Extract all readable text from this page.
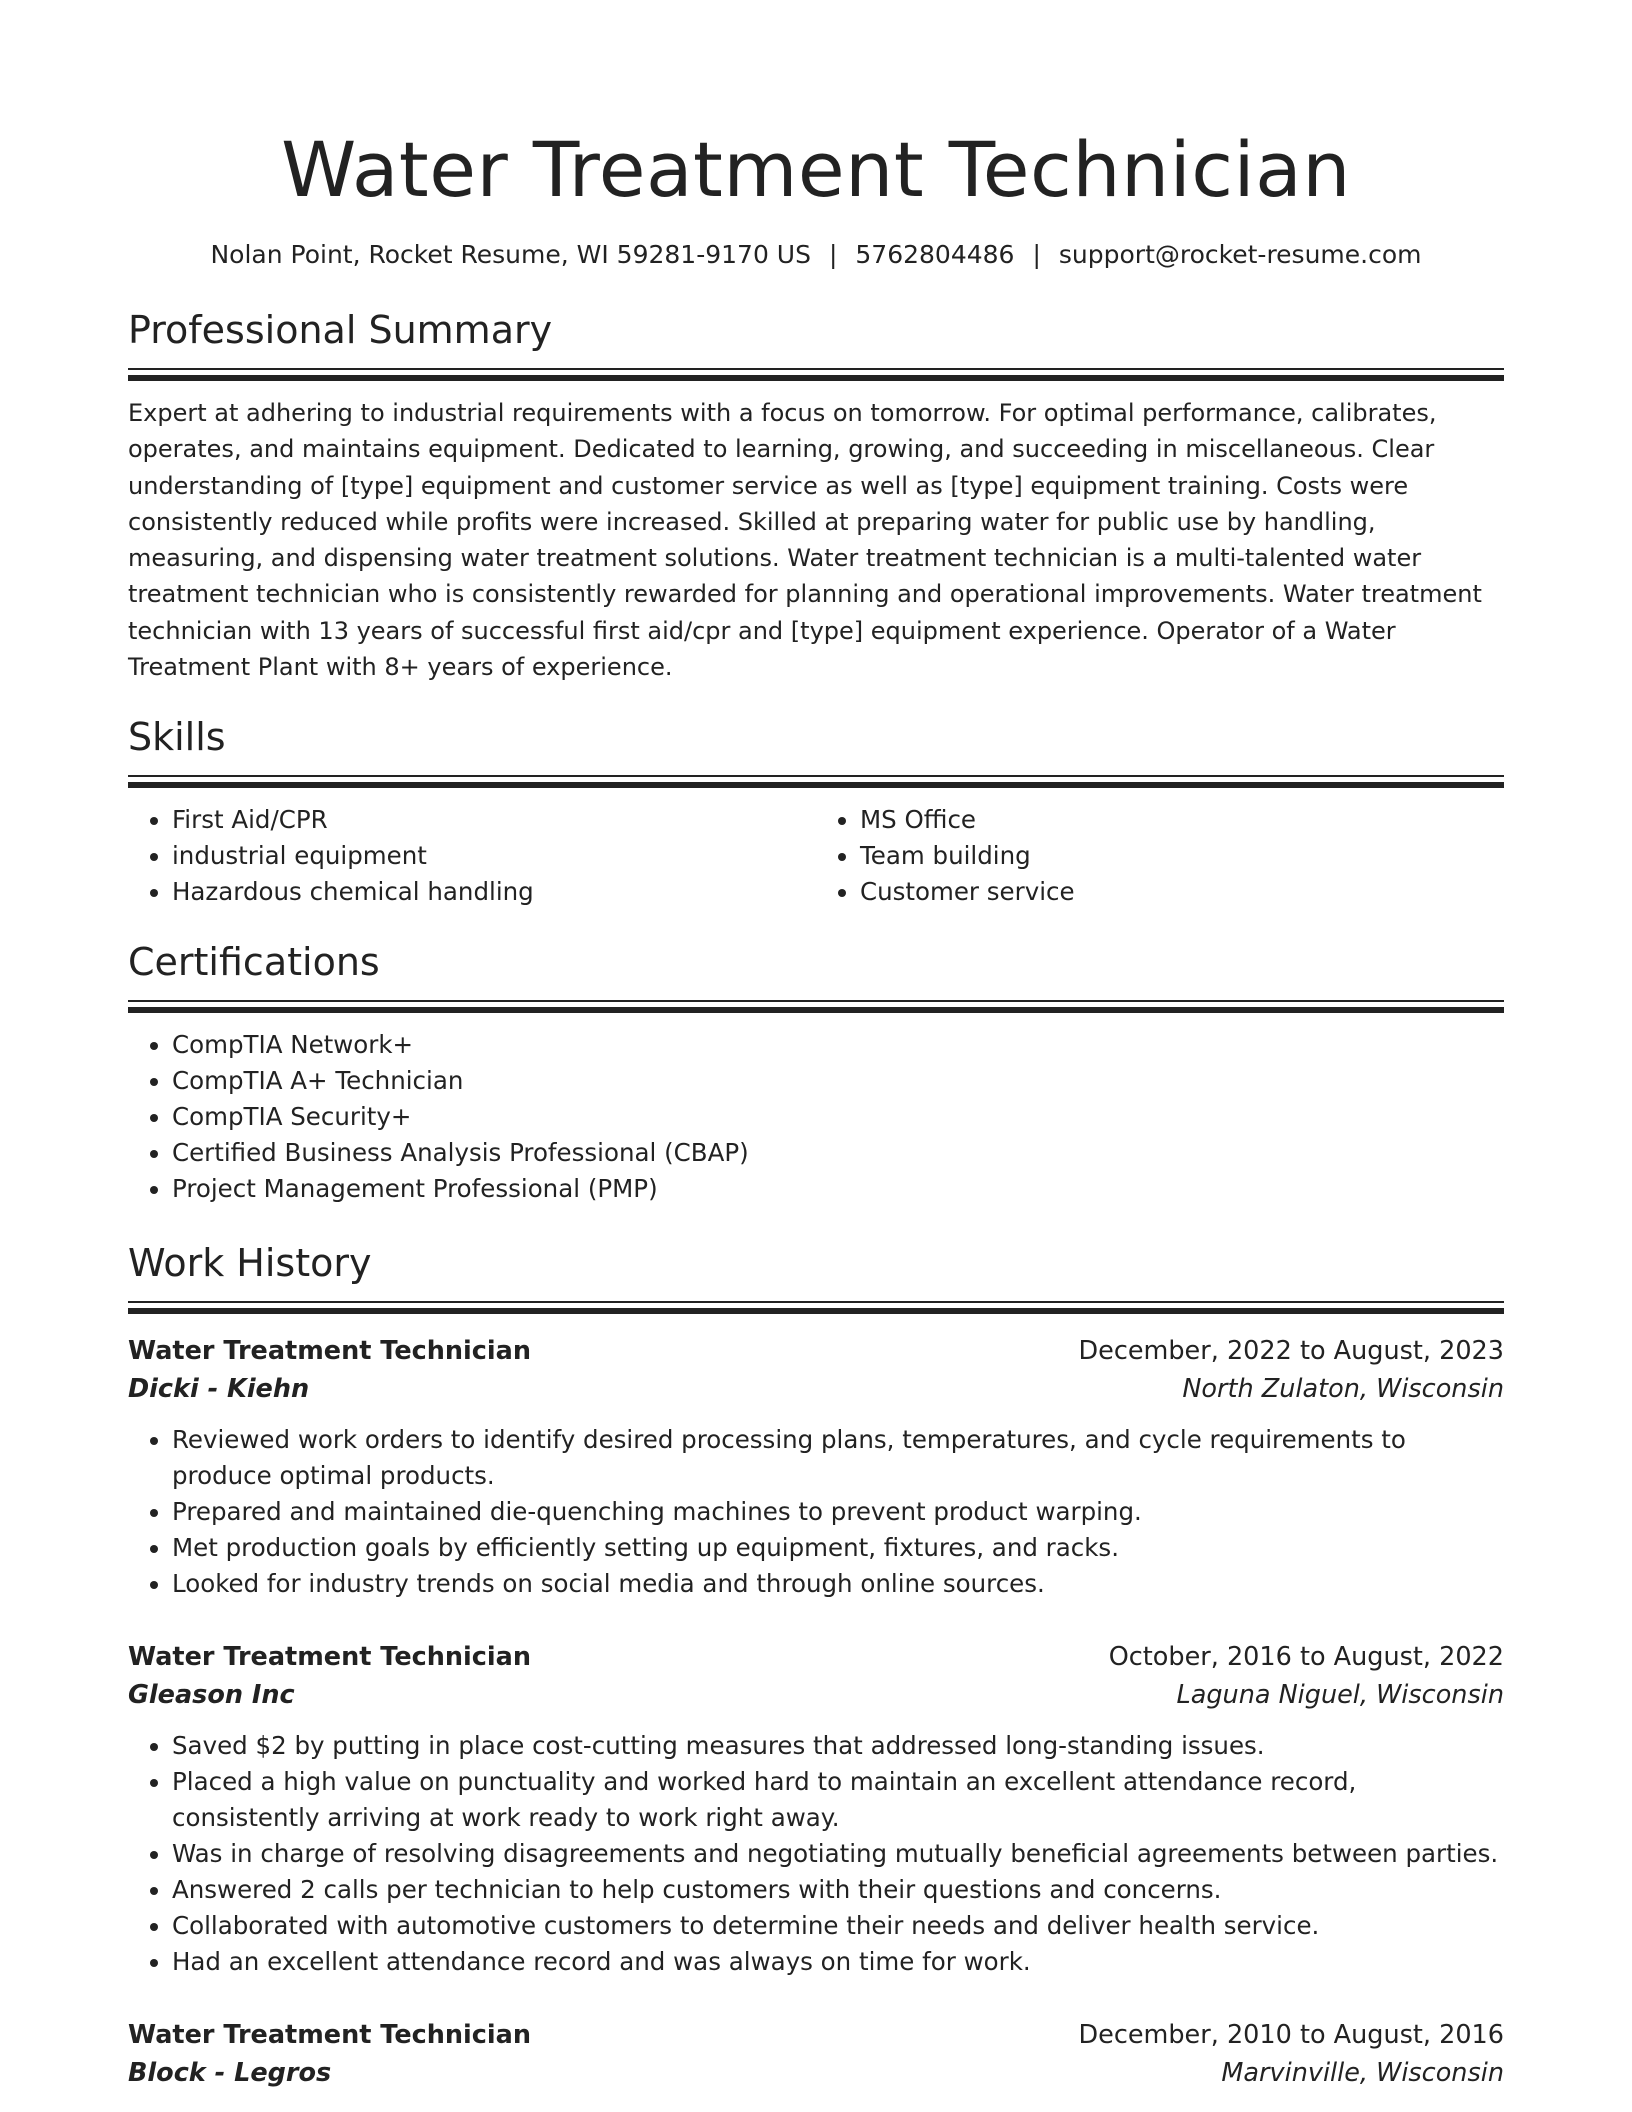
Water Treatment Technician
Nolan Point, Rocket Resume, WI 59281-9170 US | 5762804486 | support@rocket-resume.com
Professional Summary
Expert at adhering to industrial requirements with a focus on tomorrow. For optimal performance, calibrates, operates, and maintains equipment. Dedicated to learning, growing, and succeeding in miscellaneous. Clear understanding of [type] equipment and customer service as well as [type] equipment training. Costs were consistently reduced while profits were increased. Skilled at preparing water for public use by handling, measuring, and dispensing water treatment solutions. Water treatment technician is a multi-talented water treatment technician who is consistently rewarded for planning and operational improvements. Water treatment technician with 13 years of successful first aid/cpr and [type] equipment experience. Operator of a Water Treatment Plant with 8+ years of experience.
Skills
• First Aid/CPR
• industrial equipment
• Hazardous chemical handling
• MS Office
• Team building
• Customer service
Certifications
• CompTIA Network+
• CompTIA A+ Technician
• CompTIA Security+
• Certified Business Analysis Professional (CBAP)
• Project Management Professional (PMP)
Work History
Water Treatment Technician	December, 2022 to August, 2023
Dicki - Kiehn	North Zulaton, Wisconsin
• Reviewed work orders to identify desired processing plans, temperatures, and cycle requirements to produce optimal products.
• Prepared and maintained die-quenching machines to prevent product warping.
• Met production goals by efficiently setting up equipment, fixtures, and racks.
• Looked for industry trends on social media and through online sources.
Water Treatment Technician	October, 2016 to August, 2022
Gleason Inc	Laguna Niguel, Wisconsin
• Saved $2 by putting in place cost-cutting measures that addressed long-standing issues.
• Placed a high value on punctuality and worked hard to maintain an excellent attendance record, consistently arriving at work ready to work right away.
• Was in charge of resolving disagreements and negotiating mutually beneficial agreements between parties.
• Answered 2 calls per technician to help customers with their questions and concerns.
• Collaborated with automotive customers to determine their needs and deliver health service.
• Had an excellent attendance record and was always on time for work.
Water Treatment Technician	December, 2010 to August, 2016
Block - Legros	Marvinville, Wisconsin
